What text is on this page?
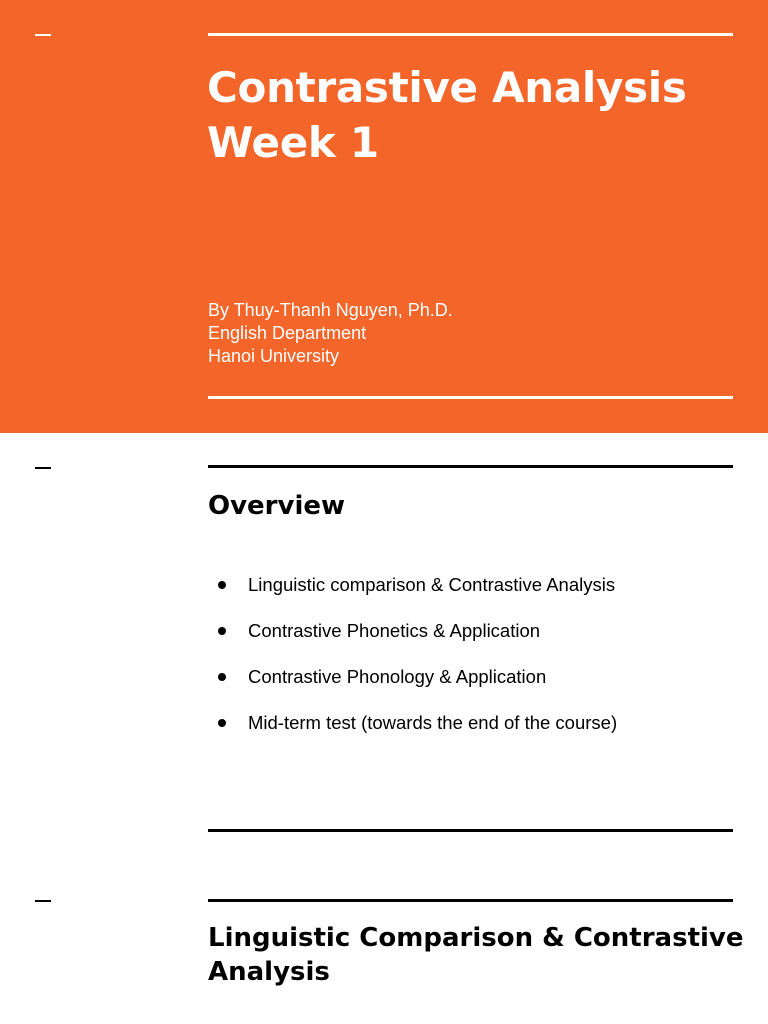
Contrastive Analysis
Week 1

By Thuy-Thanh Nguyen, Ph.D.
English Department
Hanoi University

Overview
Linguistic comparison & Contrastive Analysis
Contrastive Phonetics & Application
Contrastive Phonology & Application
Mid-term test (towards the end of the course)
Linguistic Comparison & Contrastive
Analysis
